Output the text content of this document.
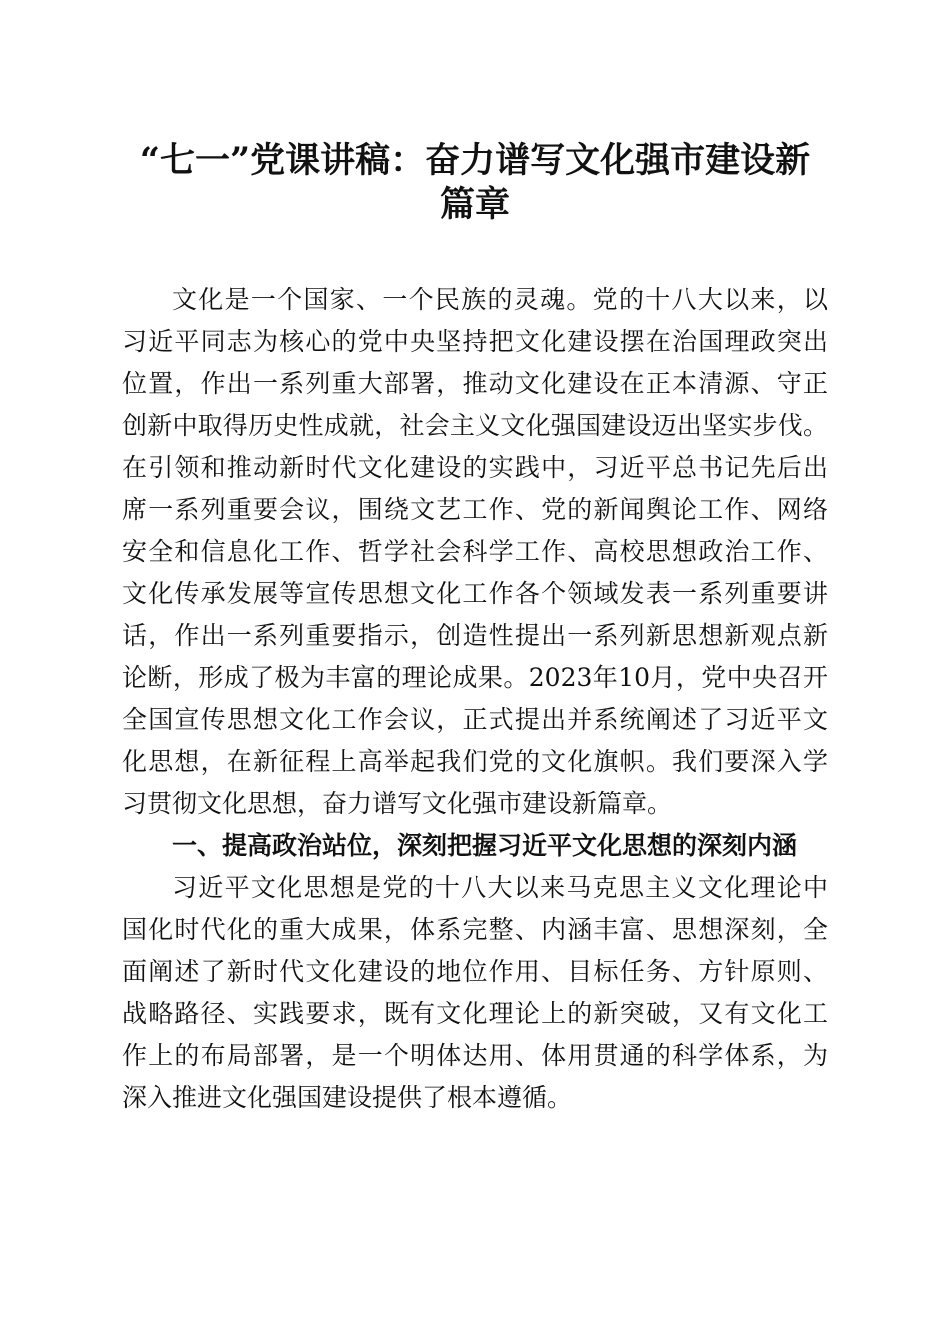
“七一”党课讲稿：奋力谱写文化强市建设新
篇章
文化是一个国家、一个民族的灵魂。党的十八大以来，以
习近平同志为核心的党中央坚持把文化建设摆在治国理政突出
位置，作出一系列重大部署，推动文化建设在正本清源、守正
创新中取得历史性成就，社会主义文化强国建设迈出坚实步伐。
在引领和推动新时代文化建设的实践中，习近平总书记先后出
席一系列重要会议，围绕文艺工作、党的新闻舆论工作、网络
安全和信息化工作、哲学社会科学工作、高校思想政治工作、
文化传承发展等宣传思想文化工作各个领域发表一系列重要讲
话，作出一系列重要指示，创造性提出一系列新思想新观点新
论断，形成了极为丰富的理论成果。2023年10月，党中央召开
全国宣传思想文化工作会议，正式提出并系统阐述了习近平文
化思想，在新征程上高举起我们党的文化旗帜。我们要深入学
习贯彻文化思想，奋力谱写文化强市建设新篇章。
一、提高政治站位，深刻把握习近平文化思想的深刻内涵
习近平文化思想是党的十八大以来马克思主义文化理论中
国化时代化的重大成果，体系完整、内涵丰富、思想深刻，全
面阐述了新时代文化建设的地位作用、目标任务、方针原则、
战略路径、实践要求，既有文化理论上的新突破，又有文化工
作上的布局部署，是一个明体达用、体用贯通的科学体系，为
深入推进文化强国建设提供了根本遵循。
